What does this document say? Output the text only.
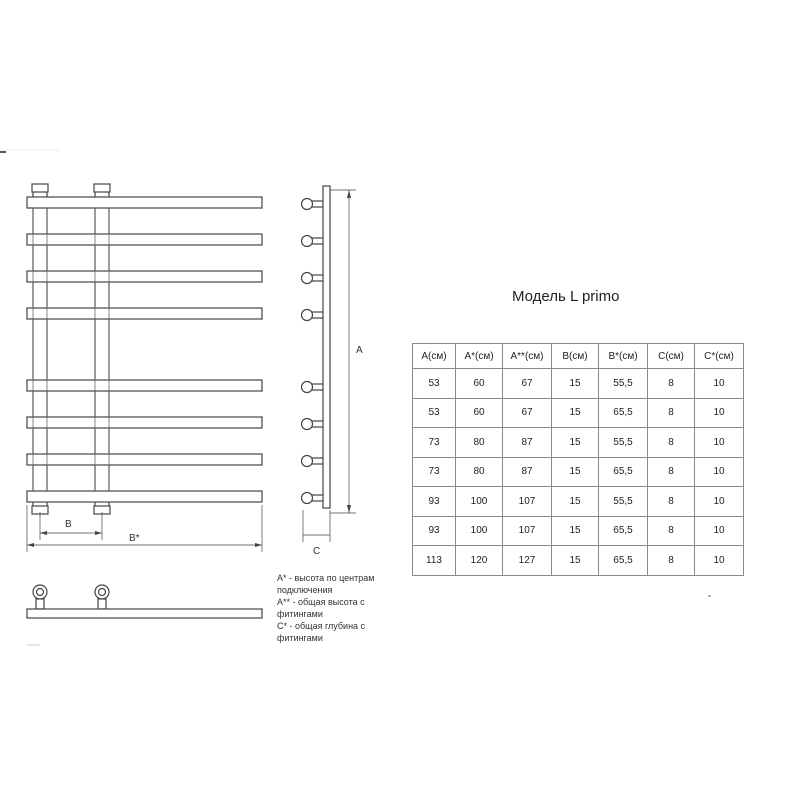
B
B*
A
C
Модель L primo
A(см)	A*(см)	A**(см)	B(см)	B*(см)	C(см)	C*(см)
53	60	67	15	55,5	8	10
53	60	67	15	65,5	8	10
73	80	87	15	55,5	8	10
73	80	87	15	65,5	8	10
93	100	107	15	55,5	8	10
93	100	107	15	65,5	8	10
113	120	127	15	65,5	8	10
A* - высота по центрам подключения
A** - общая высота с фитингами
C* - общая глубина с фитингами
